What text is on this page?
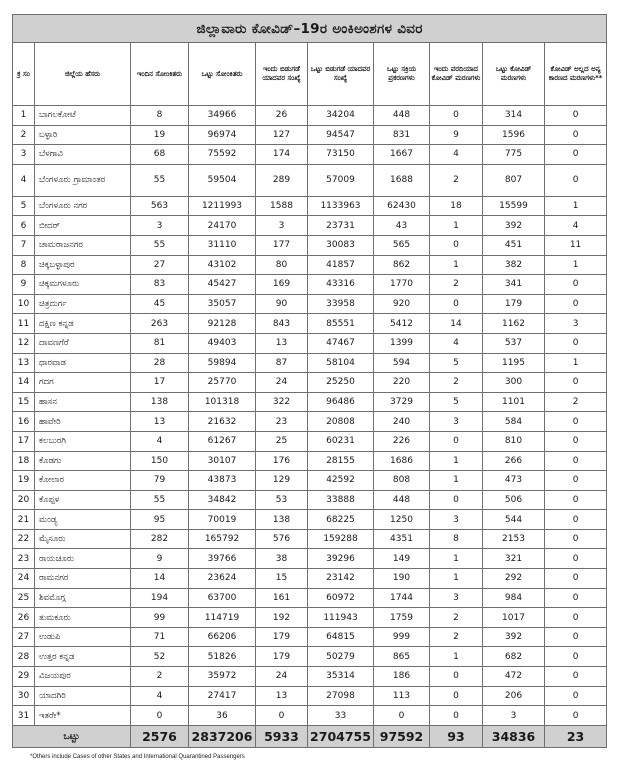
ಜಿಲ್ಲಾವಾರು ಕೋವಿಡ್–19ರ ಅಂಕಿಅಂಶಗಳ ವಿವರ									
ಕ್ರ ಸಂ	ಜಿಲ್ಲೆಯ ಹೆಸರು	ಇಂದಿನ ಸೋಂಕಿತರು	ಒಟ್ಟು ಸೋಂಕಿತರು	ಇಂದು ಬಿಡುಗಡೆ ಯಾದವರ ಸಂಖ್ಯೆ	ಒಟ್ಟು ಬಿಡುಗಡೆ ಯಾದವರ ಸಂಖ್ಯೆ	ಒಟ್ಟು ಸಕ್ರಿಯ ಪ್ರಕರಣಗಳು	ಇಂದು ವರದಿಯಾದ ಕೋವಿಡ್ ಮರಣಗಳು	ಒಟ್ಟು ಕೋವಿಡ್ ಮರಣಗಳು	ಕೋವಿಡ್ ಅಲ್ಲದ ಅನ್ಯ ಕಾರಣದ ಮರಣಗಳು**
1	ಬಾಗಲಕೋಟೆ	8	34966	26	34204	448	0	314	0
2	ಬಳ್ಳಾರಿ	19	96974	127	94547	831	9	1596	0
3	ಬೆಳಗಾವಿ	68	75592	174	73150	1667	4	775	0
4	ಬೆಂಗಳೂರು ಗ್ರಾಮಾಂತರ	55	59504	289	57009	1688	2	807	0
5	ಬೆಂಗಳೂರು ನಗರ	563	1211993	1588	1133963	62430	18	15599	1
6	ಬೀದರ್	3	24170	3	23731	43	1	392	4
7	ಚಾಮರಾಜನಗರ	55	31110	177	30083	565	0	451	11
8	ಚಿಕ್ಕಬಳ್ಳಾಪುರ	27	43102	80	41857	862	1	382	1
9	ಚಿಕ್ಕಮಗಳೂರು	83	45427	169	43316	1770	2	341	0
10	ಚಿತ್ರದುರ್ಗ	45	35057	90	33958	920	0	179	0
11	ದಕ್ಷಿಣ ಕನ್ನಡ	263	92128	843	85551	5412	14	1162	3
12	ದಾವಣಗೆರೆ	81	49403	13	47467	1399	4	537	0
13	ಧಾರವಾಡ	28	59894	87	58104	594	5	1195	1
14	ಗದಗ	17	25770	24	25250	220	2	300	0
15	ಹಾಸನ	138	101318	322	96486	3729	5	1101	2
16	ಹಾವೇರಿ	13	21632	23	20808	240	3	584	0
17	ಕಲಬುರಗಿ	4	61267	25	60231	226	0	810	0
18	ಕೊಡಗು	150	30107	176	28155	1686	1	266	0
19	ಕೋಲಾರ	79	43873	129	42592	808	1	473	0
20	ಕೊಪ್ಪಳ	55	34842	53	33888	448	0	506	0
21	ಮಂಡ್ಯ	95	70019	138	68225	1250	3	544	0
22	ಮೈಸೂರು	282	165792	576	159288	4351	8	2153	0
23	ರಾಯಚೂರು	9	39766	38	39296	149	1	321	0
24	ರಾಮನಗರ	14	23624	15	23142	190	1	292	0
25	ಶಿವಮೊಗ್ಗ	194	63700	161	60972	1744	3	984	0
26	ತುಮಕೂರು	99	114719	192	111943	1759	2	1017	0
27	ಉಡುಪಿ	71	66206	179	64815	999	2	392	0
28	ಉತ್ತರ ಕನ್ನಡ	52	51826	179	50279	865	1	682	0
29	ವಿಜಯಪುರ	2	35972	24	35314	186	0	472	0
30	ಯಾದಗಿರಿ	4	27417	13	27098	113	0	206	0
31	ಇತರೇ*	0	36	0	33	0	0	3	0
ಒಟ್ಟು		2576	2837206	5933	2704755	97592	93	34836	23
*Others include Cases of other States and International Quarantined Passengers
